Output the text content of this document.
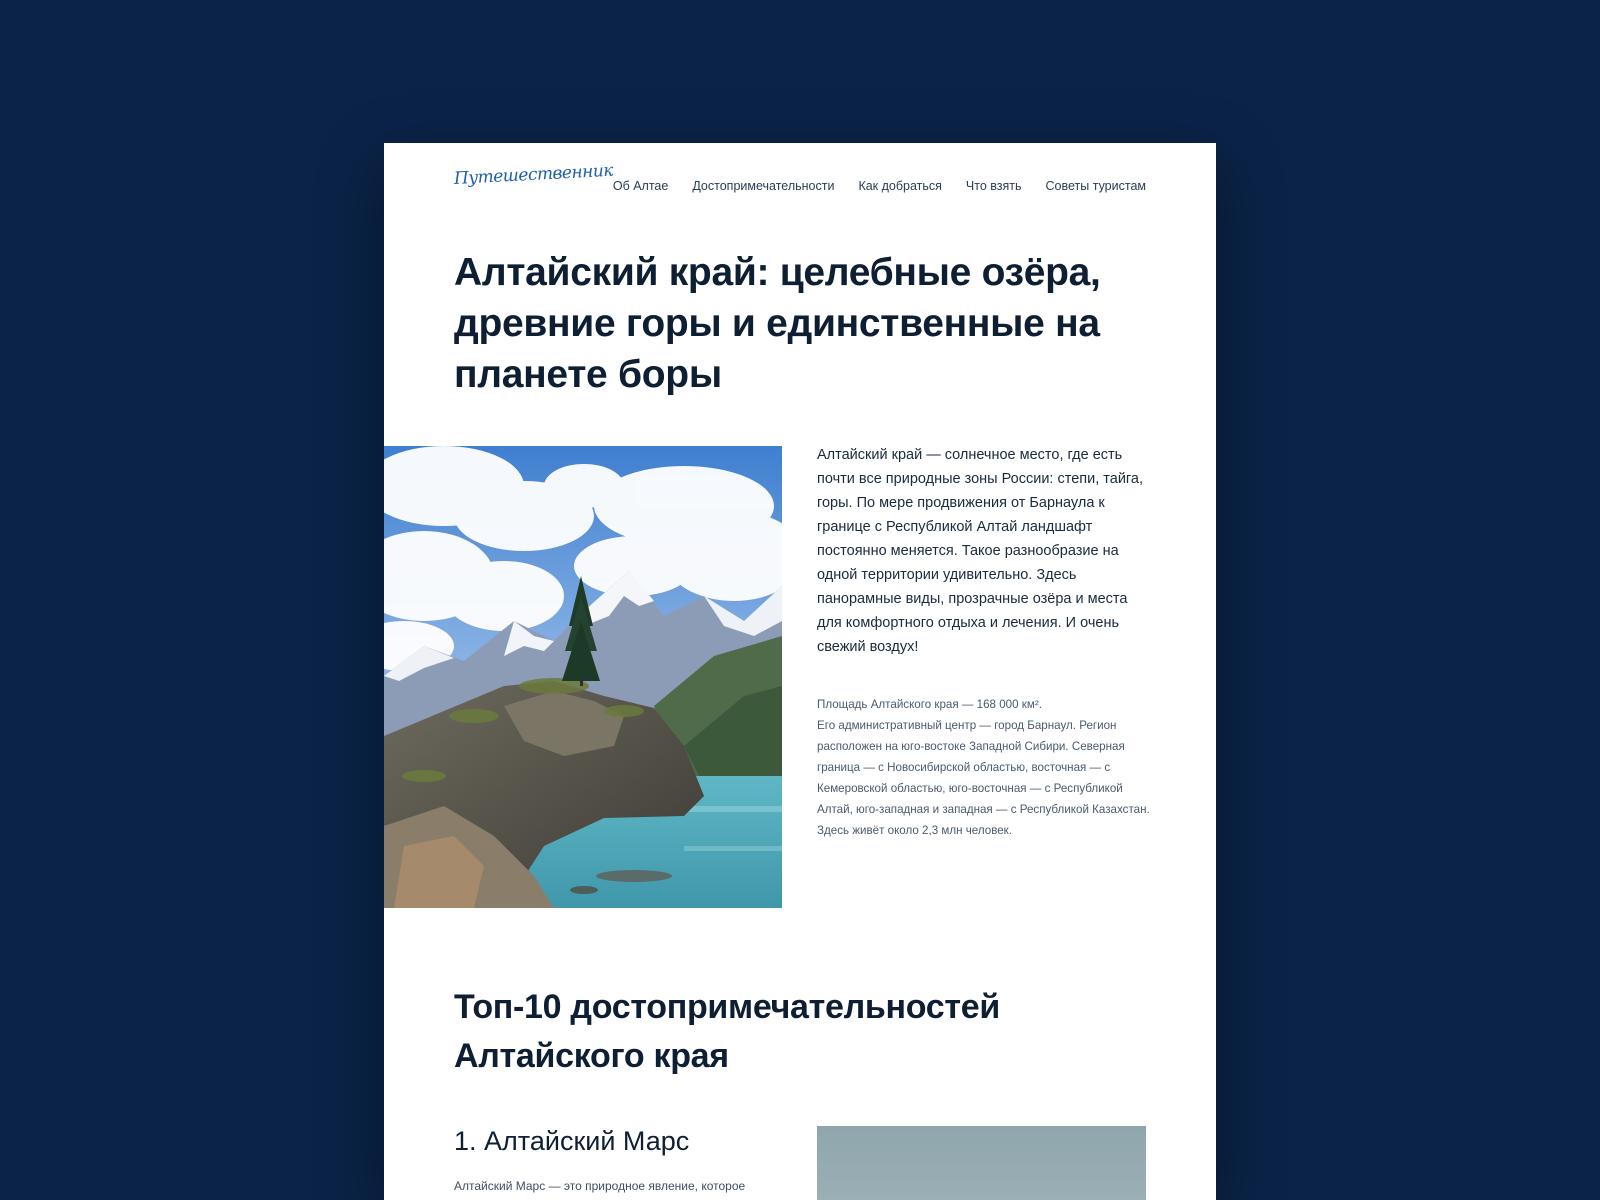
Путешественник Об Алтае Достопримечательности Как добраться Что взять Советы туристам
Алтайский край: целебные озёра, древние горы и единственные на планете боры

Алтайский край — солнечное место, где есть почти все природные зоны России: степи, тайга, горы. По мере продвижения от Барнаула к границе с Республикой Алтай ландшафт постоянно меняется. Такое разнообразие на одной территории удивительно. Здесь панорамные виды, прозрачные озёра и места для комфортного отдыха и лечения. И очень свежий воздух!

Площадь Алтайского края — 168 000 км².
Его административный центр — город Барнаул. Регион расположен на юго-востоке Западной Сибири. Северная граница — с Новосибирской областью, восточная — с Кемеровской областью, юго-восточная — с Республикой Алтай, юго-западная и западная — с Республикой Казахстан. Здесь живёт около 2,3 млн человек.

Топ-10 достопримечательностей Алтайского края
1. Алтайский Марс

Алтайский Марс — это природное явление, которое
